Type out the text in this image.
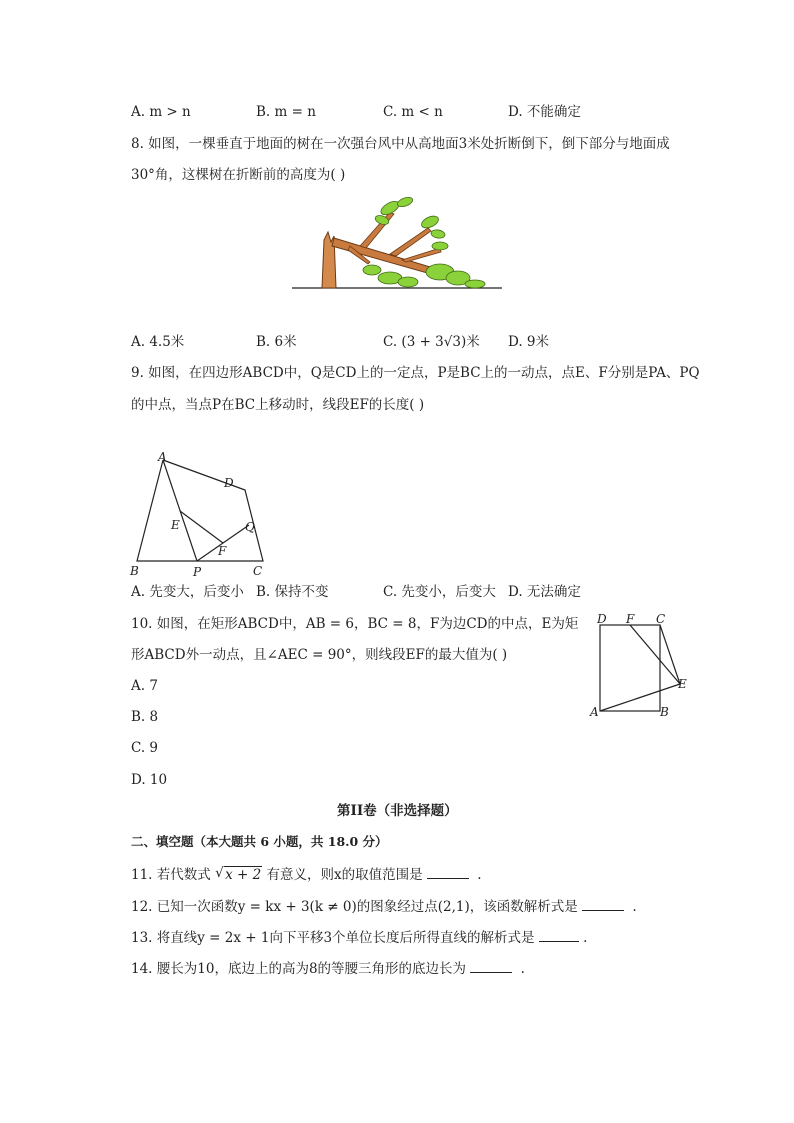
A. m > n	B. m = n	C. m < n	D. 不能确定
8. 如图，一棵垂直于地面的树在一次强台风中从高地面3米处折断倒下，倒下部分与地面成
30°角，这棵树在折断前的高度为( )
A. 4.5米	B. 6米	C. (3 + 3√3)米 D. 9米
9. 如图，在四边形ABCD中，Q是CD上的一定点，P是BC上的一动点，点E、F分别是PA、PQ
的中点，当点P在BC上移动时，线段EF的长度( )
A
D
E	Q
F
B	P	C
A. 先变大，后变小 B. 保持不变	C. 先变小，后变大 D. 无法确定
10. 如图，在矩形ABCD中，AB = 6，BC = 8，F为边CD的中点，E为矩
形ABCD外一动点，且∠AEC = 90°，则线段EF的最大值为( )
A. 7
B. 8
C. 9
D. 10
D F C
E
A	B
第II卷（非选择题）
二、填空题（本大题共 6 小题，共 18.0 分）
11. 若代数式 √ x + 2 有意义，则x的取值范围是	.
12. 已知一次函数y = kx + 3(k ≠ 0)的图象经过点(2,1)，该函数解析式是	.
13. 将直线y = 2x + 1向下平移3个单位长度后所得直线的解析式是	.
14. 腰长为10，底边上的高为8的等腰三角形的底边长为	.
